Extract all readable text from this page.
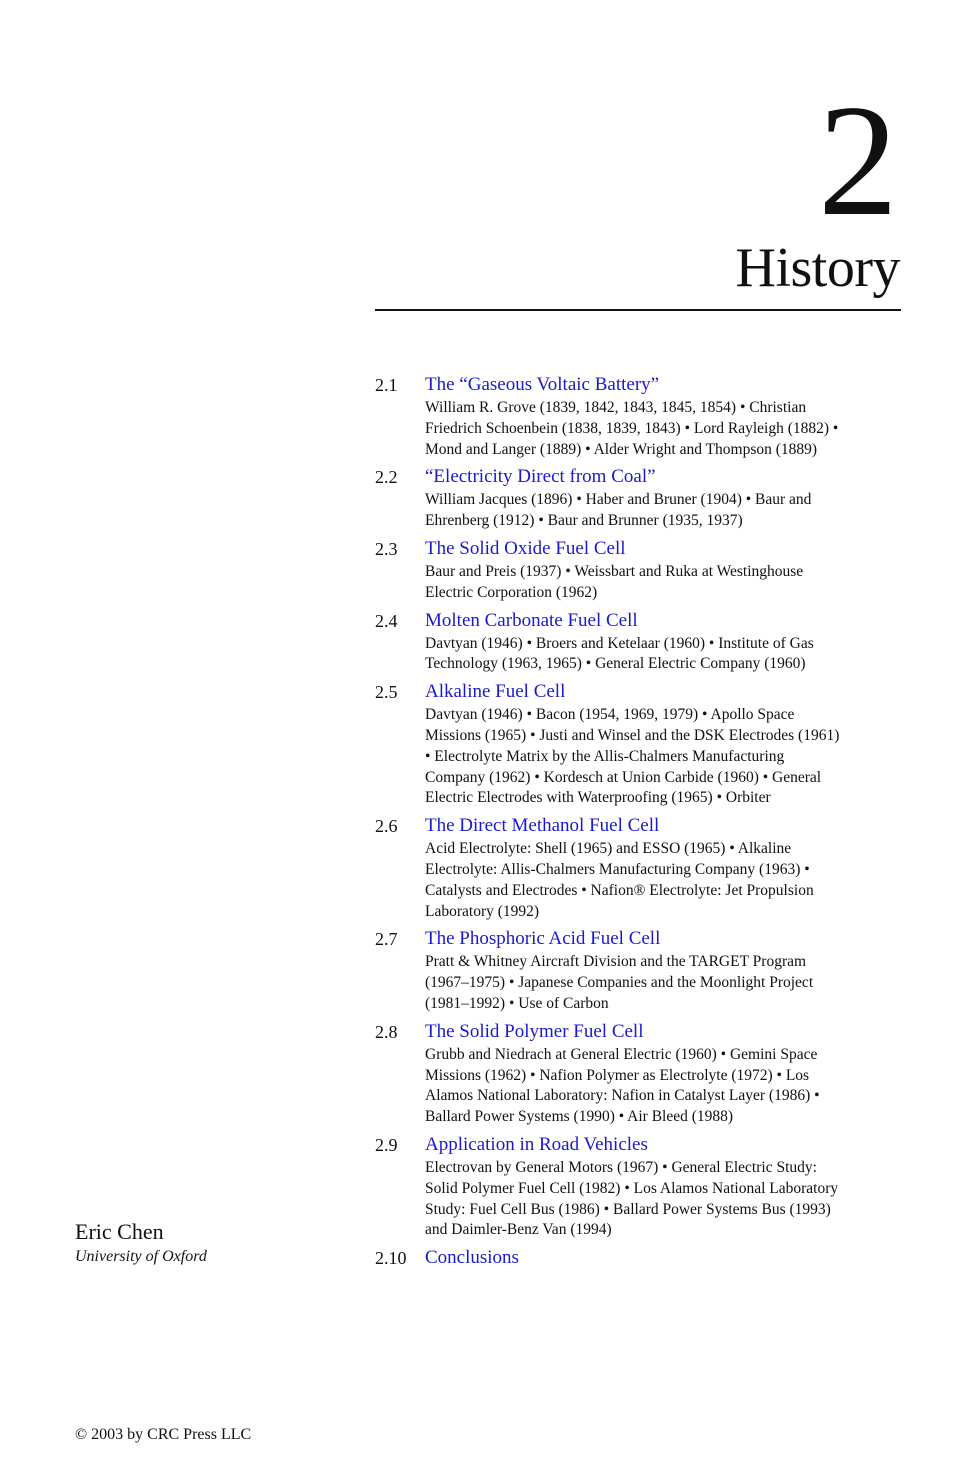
2
History
2.1	The “Gaseous Voltaic Battery”
William R. Grove (1839, 1842, 1843, 1845, 1854) • Christian Friedrich Schoenbein (1838, 1839, 1843) • Lord Rayleigh (1882) • Mond and Langer (1889) • Alder Wright and Thompson (1889)
2.2	“Electricity Direct from Coal”
William Jacques (1896) • Haber and Bruner (1904) • Baur and Ehrenberg (1912) • Baur and Brunner (1935, 1937)
2.3	The Solid Oxide Fuel Cell
Baur and Preis (1937) • Weissbart and Ruka at Westinghouse Electric Corporation (1962)
2.4	Molten Carbonate Fuel Cell
Davtyan (1946) • Broers and Ketelaar (1960) • Institute of Gas Technology (1963, 1965) • General Electric Company (1960)
2.5	Alkaline Fuel Cell
Davtyan (1946) • Bacon (1954, 1969, 1979) • Apollo Space Missions (1965) • Justi and Winsel and the DSK Electrodes (1961) • Electrolyte Matrix by the Allis-Chalmers Manufacturing Company (1962) • Kordesch at Union Carbide (1960) • General Electric Electrodes with Waterproofing (1965) • Orbiter
2.6	The Direct Methanol Fuel Cell
Acid Electrolyte: Shell (1965) and ESSO (1965) • Alkaline Electrolyte: Allis-Chalmers Manufacturing Company (1963) • Catalysts and Electrodes • Nafion® Electrolyte: Jet Propulsion Laboratory (1992)
2.7	The Phosphoric Acid Fuel Cell
Pratt & Whitney Aircraft Division and the TARGET Program (1967–1975) • Japanese Companies and the Moonlight Project (1981–1992) • Use of Carbon
2.8	The Solid Polymer Fuel Cell
Grubb and Niedrach at General Electric (1960) • Gemini Space Missions (1962) • Nafion Polymer as Electrolyte (1972) • Los Alamos National Laboratory: Nafion in Catalyst Layer (1986) • Ballard Power Systems (1990) • Air Bleed (1988)
2.9	Application in Road Vehicles
Electrovan by General Motors (1967) • General Electric Study: Solid Polymer Fuel Cell (1982) • Los Alamos National Laboratory Study: Fuel Cell Bus (1986) • Ballard Power Systems Bus (1993) and Daimler-Benz Van (1994)
2.10 Conclusions
Eric Chen
University of Oxford
© 2003 by CRC Press LLC
